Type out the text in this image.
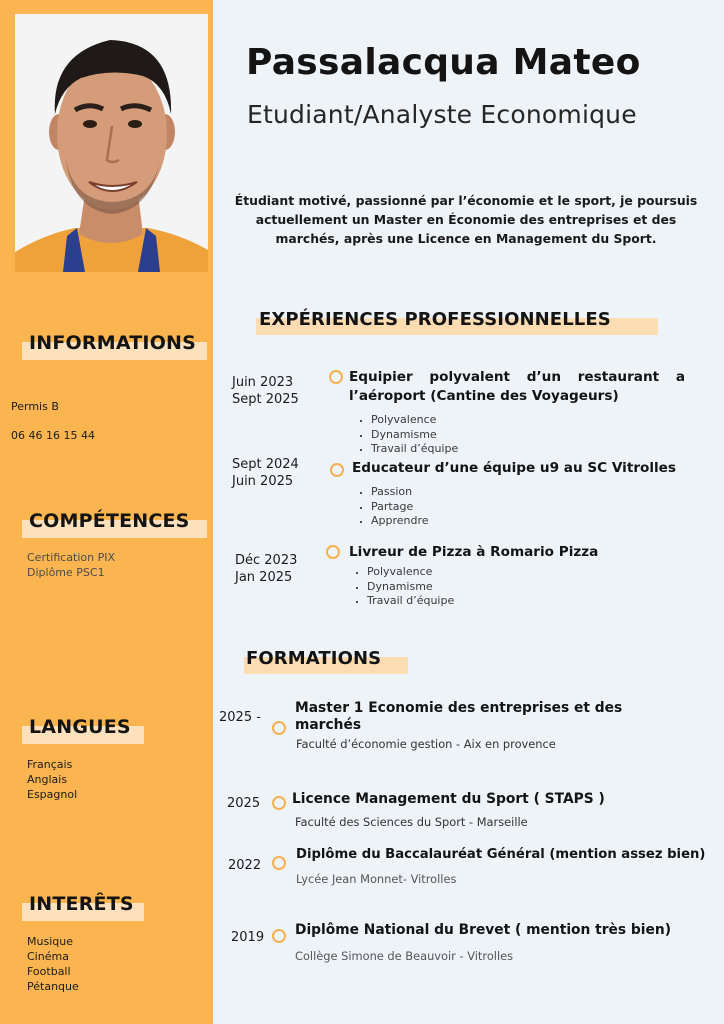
INFORMATIONS
Permis B
06 46 16 15 44
COMPÉTENCES
Certification PIX
Diplôme PSC1
LANGUES
Français
Anglais
Espagnol
INTERÊTS
Musique
Cinéma
Football
Pétanque
Passalacqua Mateo
Etudiant/Analyste Economique
Étudiant motivé, passionné par l’économie et le sport, je poursuis actuellement un Master en Économie des entreprises et des marchés, après une Licence en Management du Sport.
EXPÉRIENCES PROFESSIONNELLES
Juin 2023
Sept 2025
Equipier polyvalent d’un restaurant a l’aéroport (Cantine des Voyageurs)
• Polyvalence
• Dynamisme
• Travail d’équipe
Sept 2024
Juin 2025
Educateur d’une équipe u9 au SC Vitrolles
• Passion
• Partage
• Apprendre
Déc 2023
Jan 2025
Livreur de Pizza à Romario Pizza
• Polyvalence
• Dynamisme
• Travail d’équipe
FORMATIONS
2025 -
Master 1 Economie des entreprises et des marchés
Faculté d’économie gestion - Aix en provence
2025 Licence Management du Sport ( STAPS )
Faculté des Sciences du Sport - Marseille
2022
Diplôme du Baccalauréat Général (mention assez bien)
Lycée Jean Monnet- Vitrolles
2019 Diplôme National du Brevet ( mention très bien)
Collège Simone de Beauvoir - Vitrolles
